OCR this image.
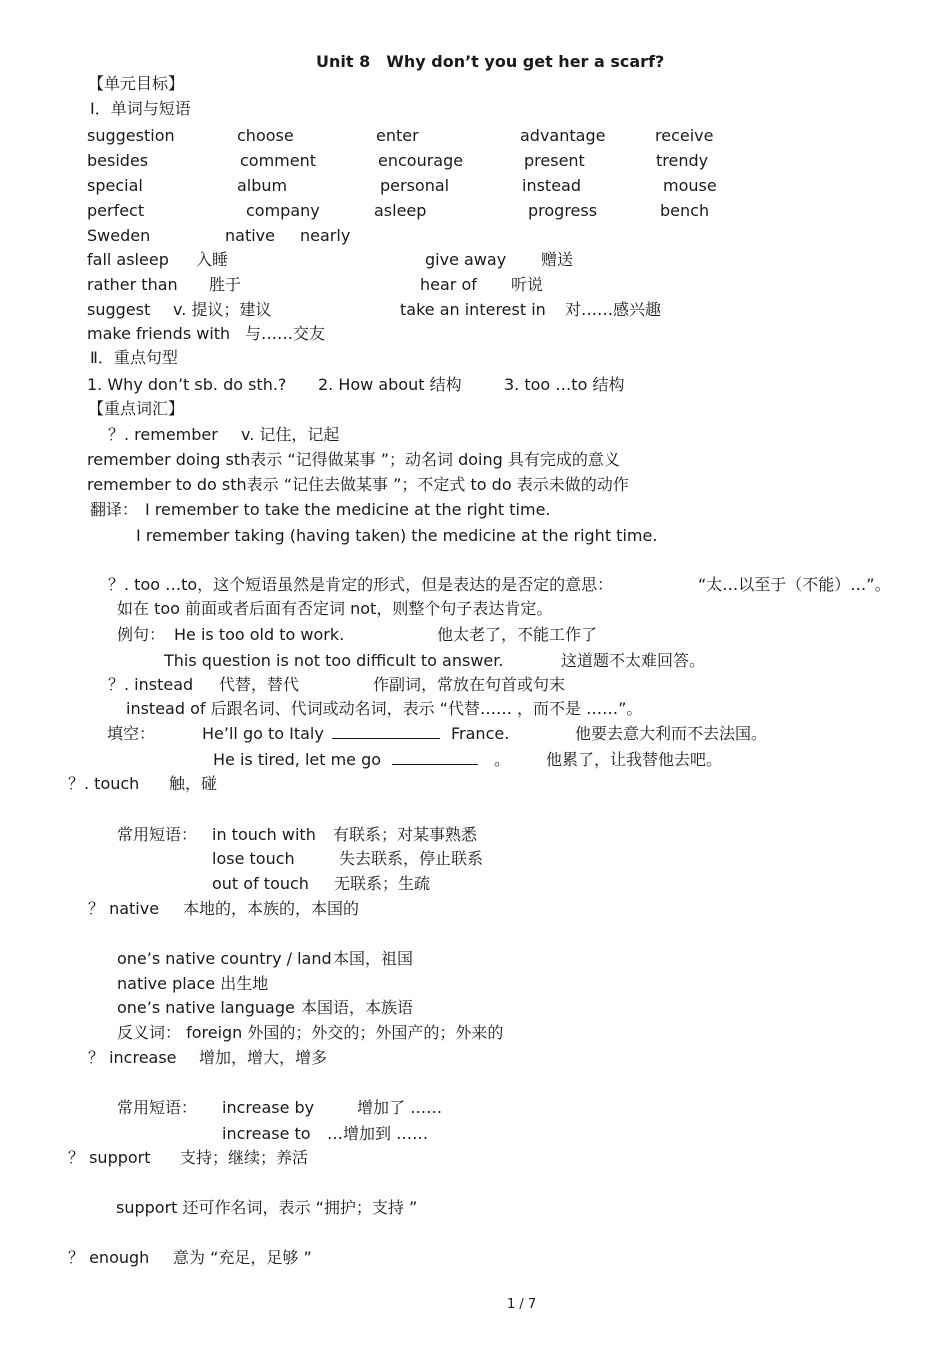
Unit 8　Why don’t you get her a scarf?
【单元目标】
Ⅰ．单词与短语
suggestion	choose	enter	advantage	receive
besides	comment	encourage	present	trendy
special	album	personal	instead	mouse
perfect	company	asleep	progress	bench
Sweden	native nearly
fall asleep 入睡	give away 赠送
rather than 胜于	hear of 听说
suggest v. 提议；建议	take an interest in 对……感兴趣
make friends with 与……交友
Ⅱ．重点句型
1. Why don’t sb. do sth.? 2. How about 结构	3. too …to 结构
【重点词汇】
？. remember v. 记住，记起
remember doing sth表示 “记得做某事 ”；动名词 doing 具有完成的意义
remember to do sth表示 “记住去做某事 ”；不定式 to do 表示未做的动作
翻译： I remember to take the medicine at the right time.
I remember taking (having taken) the medicine at the right time.
？. too …to，这个短语虽然是肯定的形式，但是表达的是否定的意思：	“太…以至于（不能）…”。
如在 too 前面或者后面有否定词 not，则整个句子表达肯定。
例句： He is too old to work.	他太老了，不能工作了
This question is not too difficult to answer.	这道题不太难回答。
？. instead 代替，替代	作副词，常放在句首或句末
instead of 后跟名词、代词或动名词，表示 “代替…… ，而不是 ……”。
填空：	He’ll go to Italy	France.	他要去意大利而不去法国。
He is tired, let me go	。 他累了，让我替他去吧。
？. touch 触，碰
常用短语： in touch with 有联系；对某事熟悉
lose touch	失去联系，停止联系
out of touch 无联系；生疏
？ native 本地的，本族的，本国的
one’s native country / land 本国，祖国
native place 出生地
one’s native language 本国语，本族语
反义词： foreign 外国的；外交的；外国产的；外来的
？ increase 增加，增大，增多
常用短语： increase by	增加了 ……
increase to …增加到 ……
？ support 支持；继续；养活
support 还可作名词，表示 “拥护；支持 ”
？ enough 意为 “充足，足够 ”
1 / 7
